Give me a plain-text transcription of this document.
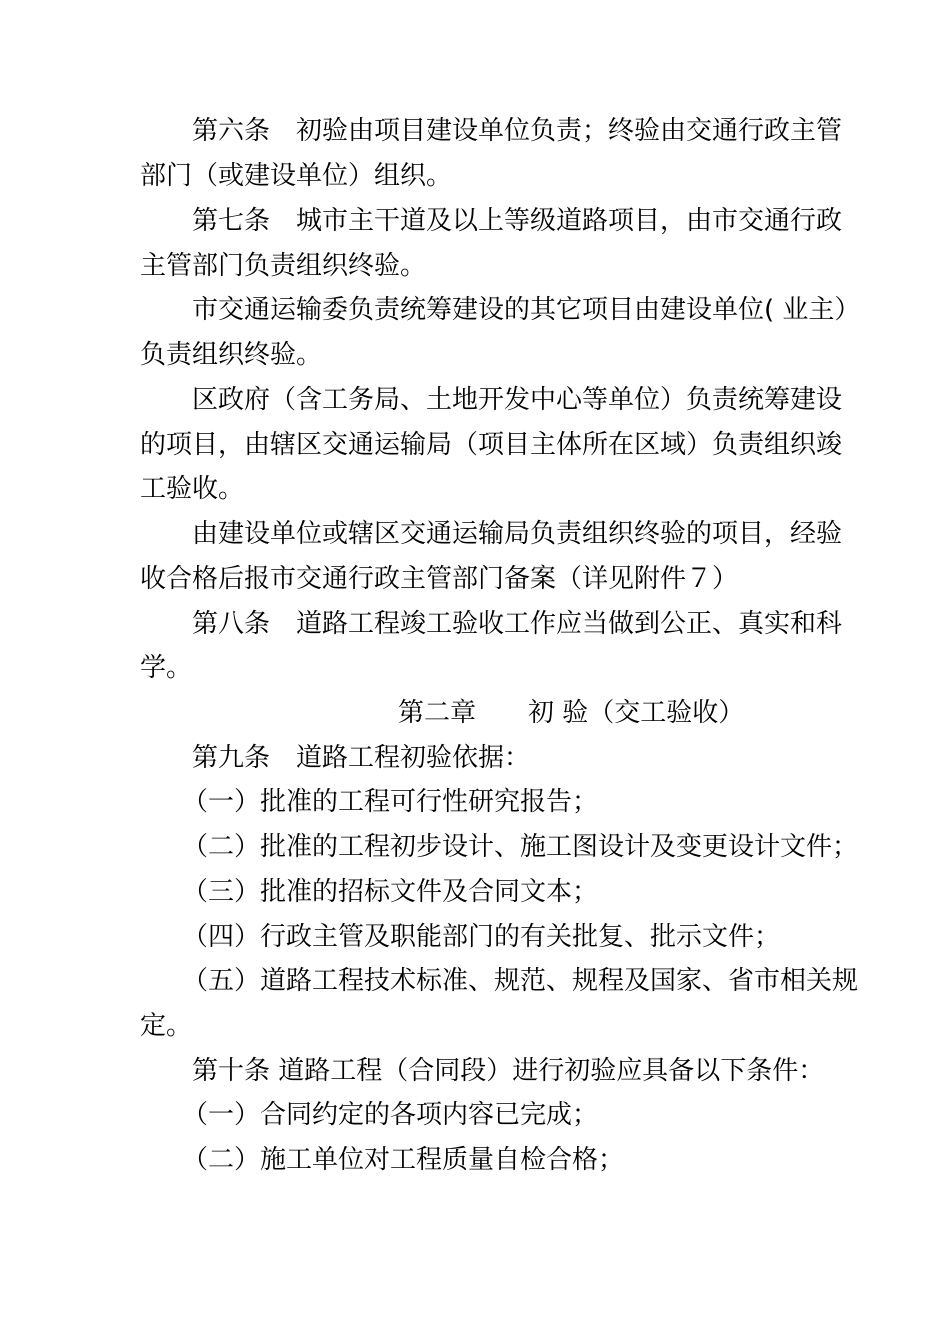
第六条　初验由项目建设单位负责；终验由交通行政主管
部门（或建设单位）组织。
第七条　城市主干道及以上等级道路项目，由市交通行政
主管部门负责组织终验。
市交通运输委负责统筹建设的其它项目由建设单位( 业主）
负责组织终验。
区政府（含工务局、土地开发中心等单位）负责统筹建设
的项目，由辖区交通运输局（项目主体所在区域）负责组织竣
工验收。
由建设单位或辖区交通运输局负责组织终验的项目，经验
收合格后报市交通行政主管部门备案（详见附件７）
第八条　道路工程竣工验收工作应当做到公正、真实和科
学。
第二章　　初 验（交工验收）
第九条　道路工程初验依据：
（一）批准的工程可行性研究报告；
（二）批准的工程初步设计、施工图设计及变更设计文件；
（三）批准的招标文件及合同文本；
（四）行政主管及职能部门的有关批复、批示文件；
（五）道路工程技术标准、规范、规程及国家、省市相关规
定。
第十条 道路工程（合同段）进行初验应具备以下条件：
（一）合同约定的各项内容已完成；
（二）施工单位对工程质量自检合格；
